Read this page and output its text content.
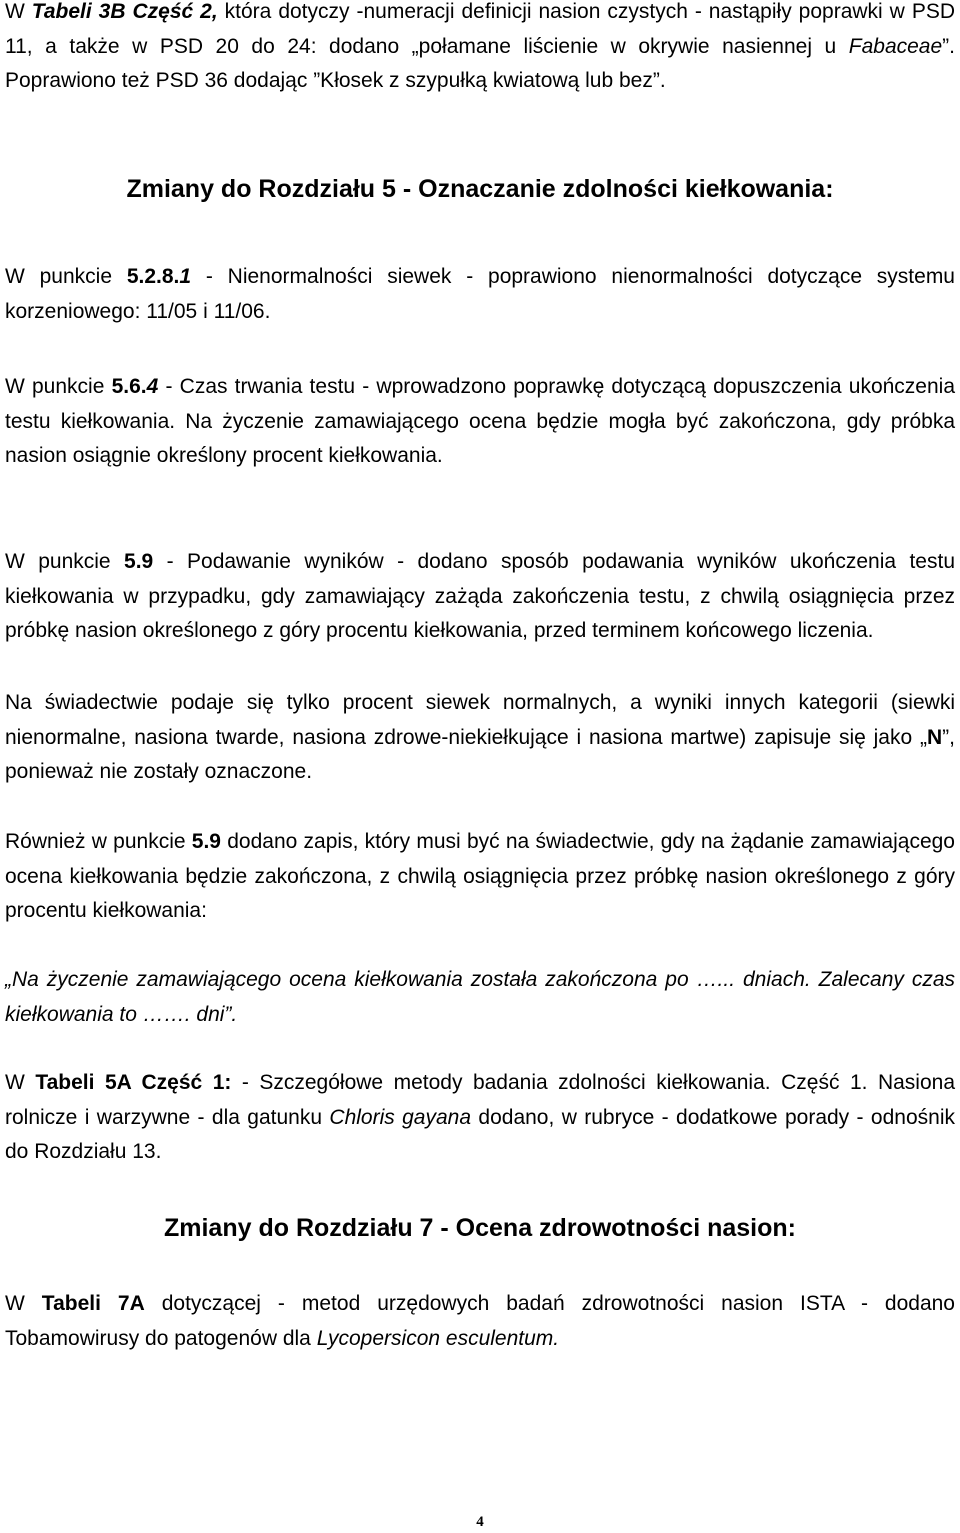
W Tabeli 3B Część 2, która dotyczy -numeracji definicji nasion czystych - nastąpiły poprawki w PSD 11, a także w PSD 20 do 24: dodano „połamane liścienie w okrywie nasiennej u Fabaceae”. Poprawiono też PSD 36 dodając ”Kłosek z szypułką kwiatową lub bez”.

Zmiany do Rozdziału 5 - Oznaczanie zdolności kiełkowania:

W punkcie 5.2.8.1 - Nienormalności siewek - poprawiono nienormalności dotyczące systemu korzeniowego: 11/05 i 11/06.

W punkcie 5.6.4 - Czas trwania testu - wprowadzono poprawkę dotyczącą dopuszczenia ukończenia testu kiełkowania. Na życzenie zamawiającego ocena będzie mogła być zakończona, gdy próbka nasion osiągnie określony procent kiełkowania.

W punkcie 5.9 - Podawanie wyników - dodano sposób podawania wyników ukończenia testu kiełkowania w przypadku, gdy zamawiający zażąda zakończenia testu, z chwilą osiągnięcia przez próbkę nasion określonego z góry procentu kiełkowania, przed terminem końcowego liczenia.

Na świadectwie podaje się tylko procent siewek normalnych, a wyniki innych kategorii (siewki nienormalne, nasiona twarde, nasiona zdrowe-niekiełkujące i nasiona martwe) zapisuje się jako „N”, ponieważ nie zostały oznaczone.

Również w punkcie 5.9 dodano zapis, który musi być na świadectwie, gdy na żądanie zamawiającego ocena kiełkowania będzie zakończona, z chwilą osiągnięcia przez próbkę nasion określonego z góry procentu kiełkowania:

„Na życzenie zamawiającego ocena kiełkowania została zakończona po …... dniach. Zalecany czas kiełkowania to ……. dni”.

W Tabeli 5A Część 1: - Szczegółowe metody badania zdolności kiełkowania. Część 1. Nasiona rolnicze i warzywne - dla gatunku Chloris gayana dodano, w rubryce - dodatkowe porady - odnośnik do Rozdziału 13.

Zmiany do Rozdziału 7 - Ocena zdrowotności nasion:

W Tabeli 7A dotyczącej - metod urzędowych badań zdrowotności nasion ISTA - dodano Tobamowirusy do patogenów dla Lycopersicon esculentum.

4
